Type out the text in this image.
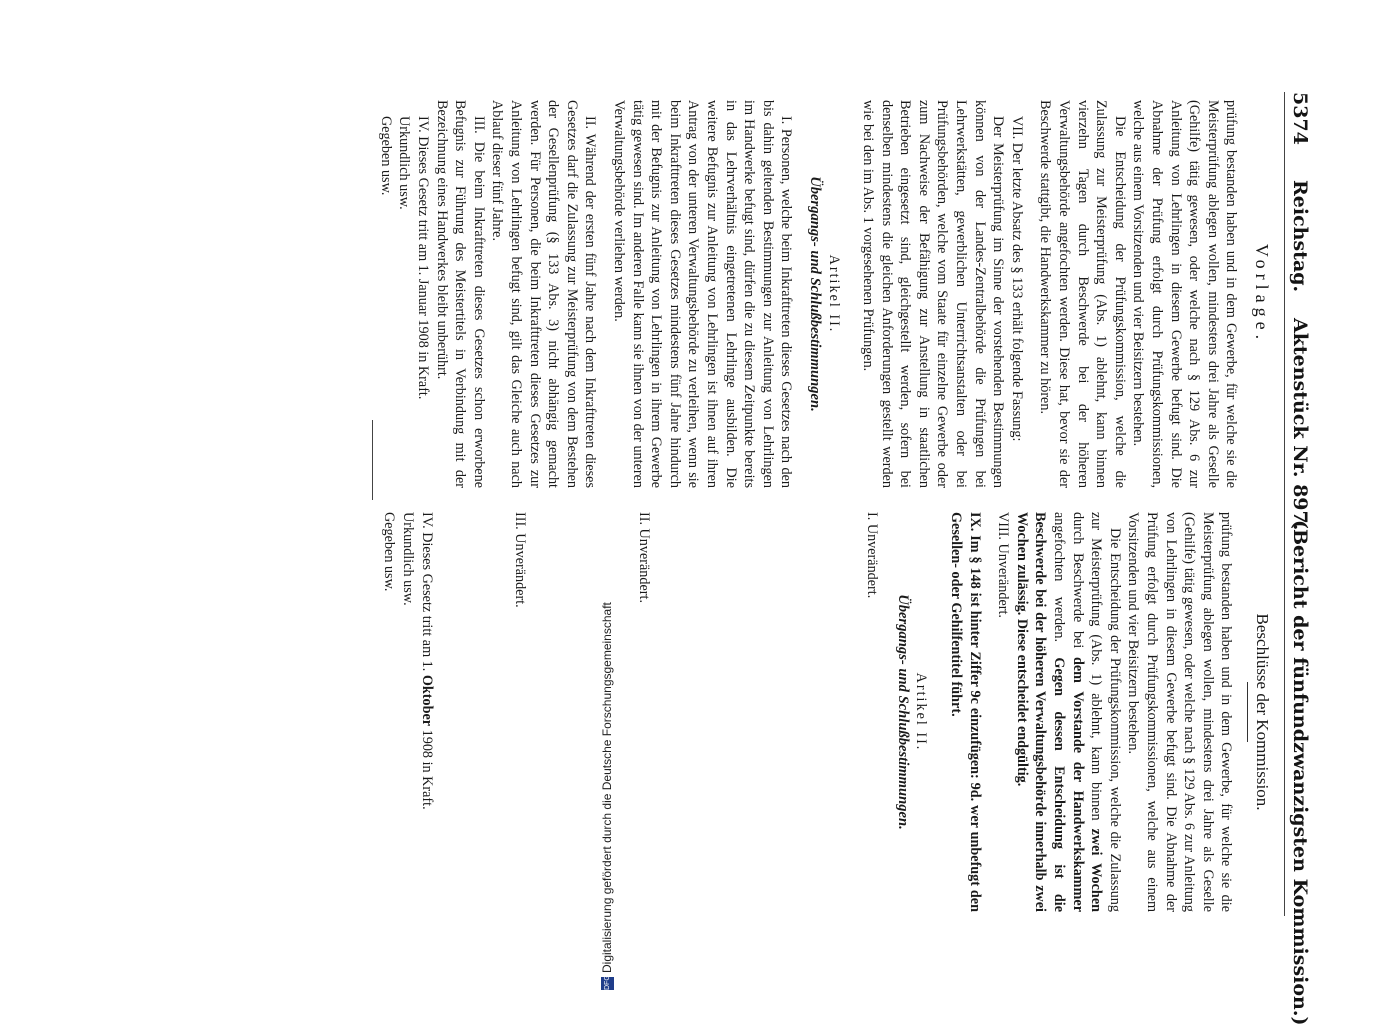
5374
Reichstag.
Aktenstück Nr. 897.
(Bericht der fünfundzwanzigsten Kommission.)

Vorlage.

prüfung bestanden haben und in dem Gewerbe, für welche sie die Meisterprüfung ablegen wollen, mindestens drei Jahre als Geselle (Gehilfe) tätig gewesen, oder welche nach § 129 Abs. 6 zur Anleitung von Lehrlingen in diesem Gewerbe befugt sind. Die Abnahme der Prüfung erfolgt durch Prüfungskommissionen, welche aus einem Vorsitzenden und vier Beisitzern bestehen.

Die Entscheidung der Prüfungskommission, welche die Zulassung zur Meisterprüfung (Abs. 1) ablehnt, kann binnen vierzehn Tagen durch Beschwerde bei der höheren Verwaltungsbehörde angefochten werden. Diese hat, bevor sie der Beschwerde stattgibt, die Handwerkskammer zu hören.

VII. Der letzte Absatz des § 133 erhält folgende Fassung:

Der Meisterprüfung im Sinne der vorstehenden Bestimmungen können von der Landes-Zentralbehörde die Prüfungen bei Lehrwerkstätten, gewerblichen Unterrichtsanstalten oder bei Prüfungsbehörden, welche vom Staate für einzelne Gewerbe oder zum Nachweise der Befähigung zur Anstellung in staatlichen Betrieben eingesetzt sind, gleichgestellt werden, sofern bei denselben mindestens die gleichen Anforderungen gestellt werden wie bei den im Abs. 1 vorgesehenen Prüfungen.

Artikel II.

Übergangs- und Schlußbestimmungen.

I. Personen, welche beim Inkrafttreten dieses Gesetzes nach den bis dahin geltenden Bestimmungen zur Anleitung von Lehrlingen im Handwerke befugt sind, dürfen die zu diesem Zeitpunkte bereits in das Lehrverhältnis eingetretenen Lehrlinge ausbilden. Die weitere Befugnis zur Anleitung von Lehrlingen ist ihnen auf ihren Antrag von der unteren Verwaltungsbehörde zu verleihen, wenn sie beim Inkrafttreten dieses Gesetzes mindestens fünf Jahre hindurch mit der Befugnis zur Anleitung von Lehrlingen in ihrem Gewerbe tätig gewesen sind. Im anderen Falle kann sie ihnen von der unteren Verwaltungsbehörde verliehen werden.

II. Während der ersten fünf Jahre nach dem Inkrafttreten dieses Gesetzes darf die Zulassung zur Meisterprüfung von dem Bestehen der Gesellenprüfung (§ 133 Abs. 3) nicht abhängig gemacht werden. Für Personen, die beim Inkrafttreten dieses Gesetzes zur Anleitung von Lehrlingen befugt sind, gilt das Gleiche auch nach Ablauf dieser fünf Jahre.

III. Die beim Inkrafttreten dieses Gesetzes schon erworbene Befugnis zur Führung des Meistertitels in Verbindung mit der Bezeichnung eines Handwerkes bleibt unberührt.

IV. Dieses Gesetz tritt am 1. Januar 1908 in Kraft.

Urkundlich usw.

Gegeben usw.

Beschlüsse der Kommission.

prüfung bestanden haben und in dem Gewerbe, für welche sie die Meisterprüfung ablegen wollen, mindestens drei Jahre als Geselle (Gehilfe) tätig gewesen, oder welche nach § 129 Abs. 6 zur Anleitung von Lehrlingen in diesem Gewerbe befugt sind. Die Abnahme der Prüfung erfolgt durch Prüfungskommissionen, welche aus einem Vorsitzenden und vier Beisitzern bestehen.

Die Entscheidung der Prüfungskommission, welche die Zulassung zur Meisterprüfung (Abs. 1) ablehnt, kann binnen zwei Wochen durch Beschwerde bei dem Vorstande der Handwerkskammer angefochten werden. Gegen dessen Entscheidung ist die Beschwerde bei der höheren Verwaltungsbehörde innerhalb zwei Wochen zulässig. Diese entscheidet endgültig.

VIII. Unverändert.

IX. Im § 148 ist hinter Ziffer 9c einzufügen: 9d. wer unbefugt den Gesellen- oder Gehilfentitel führt.

Artikel II.

Übergangs- und Schlußbestimmungen.

I. Unverändert.

II. Unverändert.

III. Unverändert.

IV. Dieses Gesetz tritt am 1. Oktober 1908 in Kraft.

Urkundlich usw.

Gegeben usw.

DFGDigitalisierung gefördert durch die Deutsche Forschungsgemeinschaft
